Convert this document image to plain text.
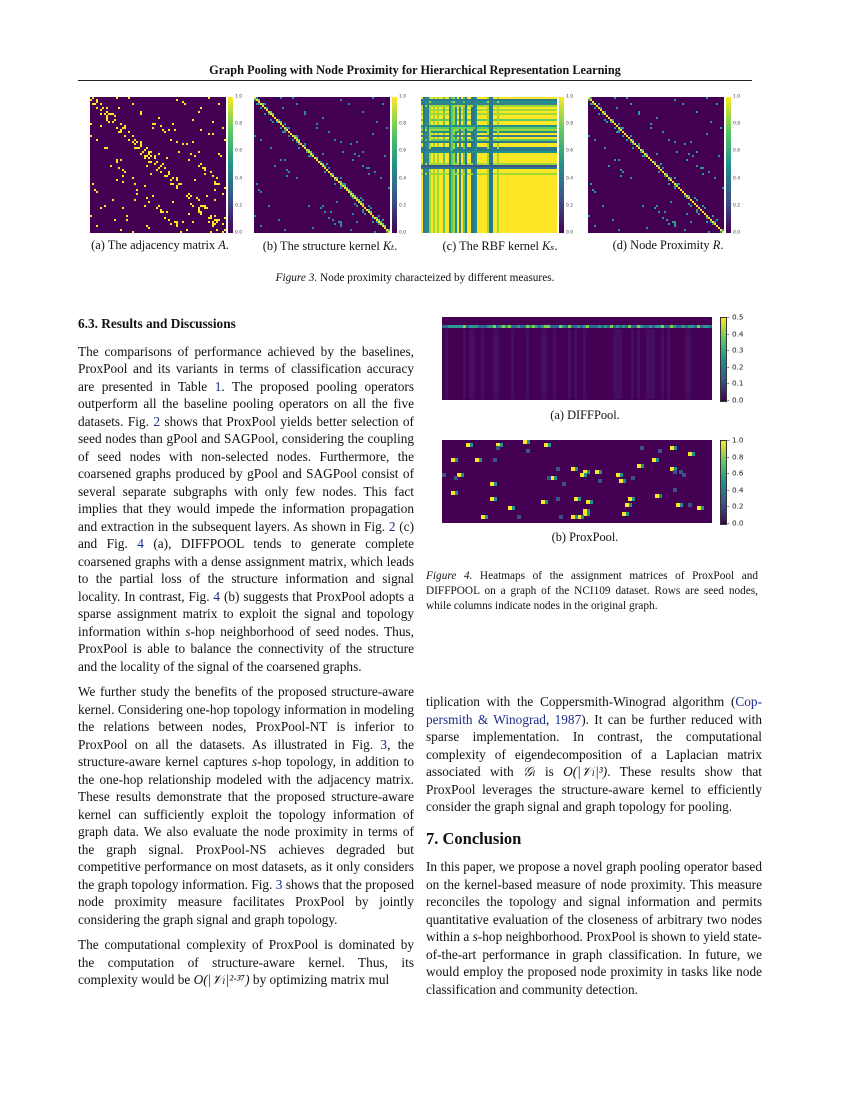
Graph Pooling with Node Proximity for Hierarchical Representation Learning
1.0
0.8
0.6
0.4
0.2
0.0
(a) The adjacency matrix A.
1.0
0.8
0.6
0.4
0.2
0.0
(b) The structure kernel Kₜ.
1.0
0.8
0.6
0.4
0.2
0.0
(c) The RBF kernel Kₛ.
1.0
0.8
0.6
0.4
0.2
0.0
(d) Node Proximity R.
Figure 3. Node proximity characteized by different measures.
6.3. Results and Discussions

The comparisons of performance achieved by the baselines, ProxPool and its variants in terms of classification accuracy are presented in Table 1. The proposed pooling operators outperform all the baseline pooling operators on all the five datasets. Fig. 2 shows that ProxPool yields better selection of seed nodes than gPool and SAGPool, considering the coupling of seed nodes with non-selected nodes. Furthermore, the coarsened graphs produced by gPool and SAGPool consist of several separate subgraphs with only few nodes. This fact implies that they would impede the information propagation and extraction in the subsequent layers. As shown in Fig. 2 (c) and Fig. 4 (a), DIFFPOOL tends to generate complete coarsened graphs with a dense assignment matrix, which leads to the partial loss of the structure information and signal locality. In contrast, Fig. 4 (b) suggests that ProxPool adopts a sparse assignment matrix to exploit the signal and topology information within s-hop neighborhood of seed nodes. Thus, ProxPool is able to balance the connectivity of the structure and the locality of the signal of the coarsened graphs.

We further study the benefits of the proposed structure-aware kernel. Considering one-hop topology information in modeling the relations between nodes, ProxPool-NT is inferior to ProxPool on all the datasets. As illustrated in Fig. 3, the structure-aware kernel captures s-hop topology, in addition to the one-hop relationship modeled with the adjacency matrix. These results demonstrate that the proposed structure-aware kernel can sufficiently exploit the topology information of graph data. We also evaluate the node proximity in terms of the graph signal. ProxPool-NS achieves degraded but competitive performance on most datasets, as it only considers the graph topology information. Fig. 3 shows that the proposed node proximity measure facilitates ProxPool by jointly considering the graph signal and graph topology.

The computational complexity of ProxPool is dominated by the computation of structure-aware kernel. Thus, its complexity would be O(|𝒱ₗ|²·³⁷) by optimizing matrix mul

- 0.5
- 0.4
- 0.3
- 0.2
- 0.1
- 0.0
(a) DIFFPool.
- 1.0
- 0.8
- 0.6
- 0.4
- 0.2
- 0.0
(b) ProxPool.
Figure 4. Heatmaps of the assignment matrices of ProxPool and DIFFPOOL on a graph of the NCI109 dataset. Rows are seed nodes, while columns indicate nodes in the original graph.

tiplication with the Coppersmith-Winograd algorithm (Coppersmith & Winograd, 1987). It can be further reduced with sparse implementation. In contrast, the computational complexity of eigendecomposition of a Laplacian matrix associated with 𝒢ₗ is O(|𝒱ₗ|³). These results show that ProxPool leverages the structure-aware kernel to efficiently consider the graph signal and graph topology for pooling.

7. Conclusion

In this paper, we propose a novel graph pooling operator based on the kernel-based measure of node proximity. This measure reconciles the topology and signal information and permits quantitative evaluation of the closeness of arbitrary two nodes within a s-hop neighborhood. ProxPool is shown to yield state-of-the-art performance in graph classification. In future, we would employ the proposed node proximity in tasks like node classification and community detection.
